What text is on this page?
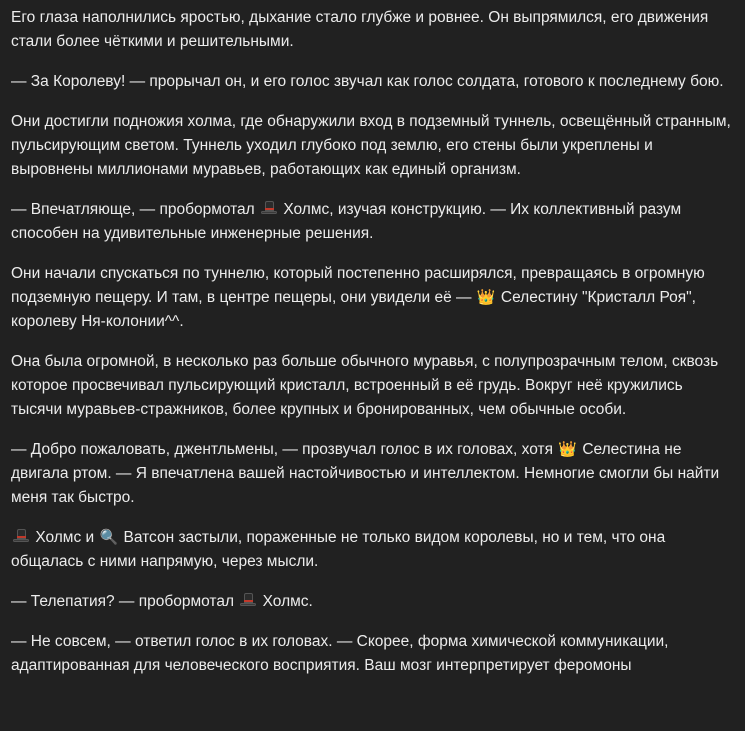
Его глаза наполнились яростью, дыхание стало глубже и ровнее. Он выпрямился, его движения стали более чёткими и решительными.

— За Королеву! — прорычал он, и его голос звучал как голос солдата, готового к последнему бою.

Они достигли подножия холма, где обнаружили вход в подземный туннель, освещённый странным, пульсирующим светом. Туннель уходил глубоко под землю, его стены были укреплены и выровнены миллионами муравьев, работающих как единый организм.

— Впечатляюще, — пробормотал Холмс, изучая конструкцию. — Их коллективный разум способен на удивительные инженерные решения.

Они начали спускаться по туннелю, который постепенно расширялся, превращаясь в огромную подземную пещеру. И там, в центре пещеры, они увидели её — 👑 Селестину "Кристалл Роя", королеву Ня-колонии^^.

Она была огромной, в несколько раз больше обычного муравья, с полупрозрачным телом, сквозь которое просвечивал пульсирующий кристалл, встроенный в её грудь. Вокруг неё кружились тысячи муравьев-стражников, более крупных и бронированных, чем обычные особи.

— Добро пожаловать, джентльмены, — прозвучал голос в их головах, хотя 👑 Селестина не двигала ртом. — Я впечатлена вашей настойчивостью и интеллектом. Немногие смогли бы найти меня так быстро.

Холмс и 🔍 Ватсон застыли, пораженные не только видом королевы, но и тем, что она общалась с ними напрямую, через мысли.

— Телепатия? — пробормотал Холмс.

— Не совсем, — ответил голос в их головах. — Скорее, форма химической коммуникации, адаптированная для человеческого восприятия. Ваш мозг интерпретирует феромоны
